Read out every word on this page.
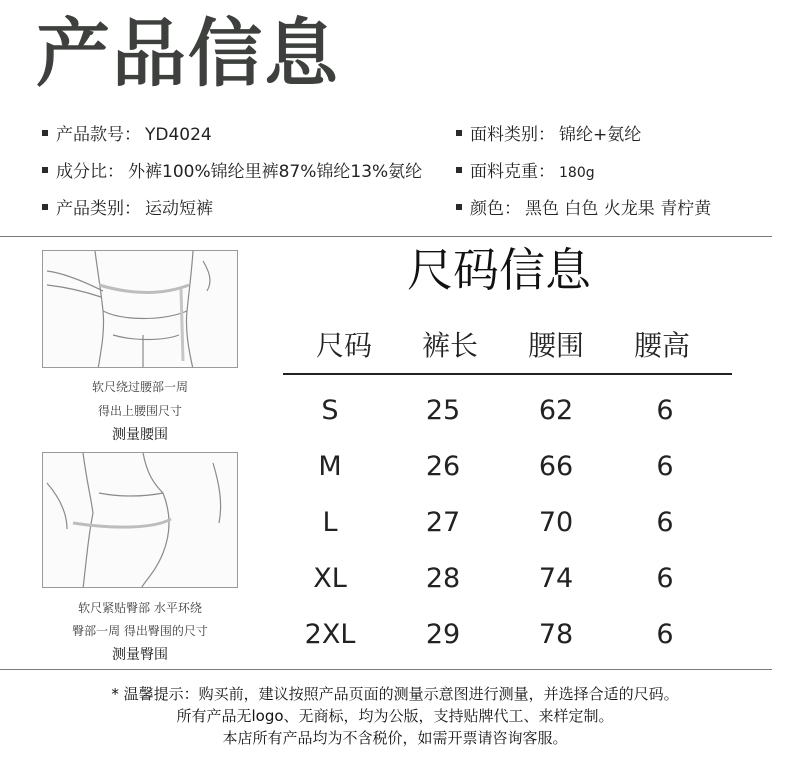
产品信息
产品款号： YD4024
成分比： 外裤100%锦纶里裤87%锦纶13%氨纶
产品类别： 运动短裤
面料类别： 锦纶+氨纶
面料克重： 180g
颜色： 黑色 白色 火龙果 青柠黄
软尺绕过腰部一周
得出上腰围尺寸
测量腰围
软尺紧贴臀部 水平环绕
臀部一周 得出臀围的尺寸
测量臀围
尺码信息
尺码	裤长	腰围	腰高
S	25	62	6
M	26	66	6
L	27	70	6
XL	28	74	6
2XL	29	78	6
* 温馨提示：购买前，建议按照产品页面的测量示意图进行测量，并选择合适的尺码。
所有产品无logo、无商标，均为公版，支持贴牌代工、来样定制。
本店所有产品均为不含税价，如需开票请咨询客服。
